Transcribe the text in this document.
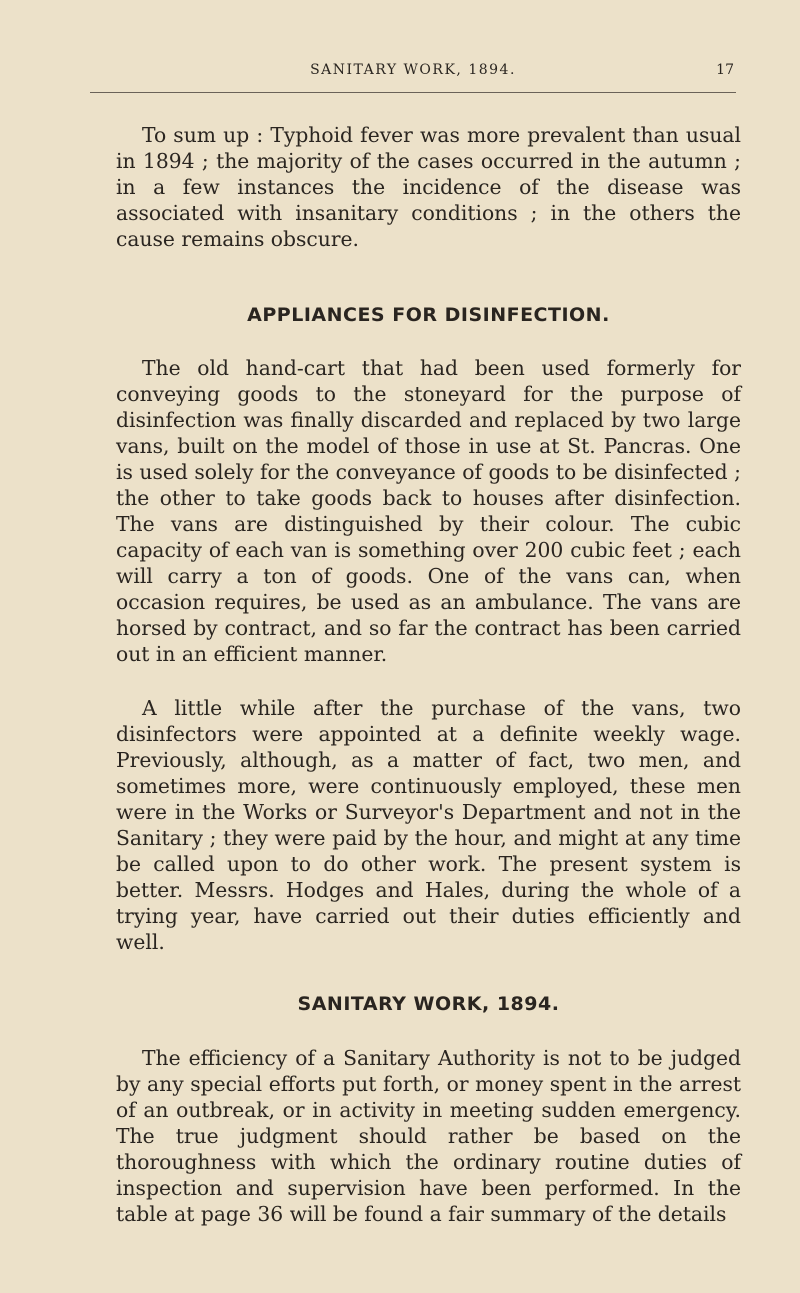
SANITARY WORK, 1894.	17

To sum up : Typhoid fever was more prevalent than usual in 1894 ; the majority of the cases occurred in the autumn ; in a few instances the incidence of the disease was associated with insanitary conditions ; in the others the cause remains obscure.

APPLIANCES FOR DISINFECTION.

The old hand-cart that had been used formerly for conveying goods to the stoneyard for the purpose of disinfection was finally discarded and replaced by two large vans, built on the model of those in use at St. Pancras. One is used solely for the conveyance of goods to be disinfected ; the other to take goods back to houses after disinfection. The vans are distinguished by their colour. The cubic capacity of each van is something over 200 cubic feet ; each will carry a ton of goods. One of the vans can, when occasion requires, be used as an ambulance. The vans are horsed by contract, and so far the contract has been carried out in an efficient manner.

A little while after the purchase of the vans, two disinfectors were appointed at a definite weekly wage. Previously, although, as a matter of fact, two men, and sometimes more, were continuously employed, these men were in the Works or Surveyor's Department and not in the Sanitary ; they were paid by the hour, and might at any time be called upon to do other work. The present system is better. Messrs. Hodges and Hales, during the whole of a trying year, have carried out their duties efficiently and well.

SANITARY WORK, 1894.

The efficiency of a Sanitary Authority is not to be judged by any special efforts put forth, or money spent in the arrest of an outbreak, or in activity in meeting sudden emergency. The true judgment should rather be based on the thoroughness with which the ordinary routine duties of inspection and supervision have been performed. In the table at page 36 will be found a fair summary of the details
